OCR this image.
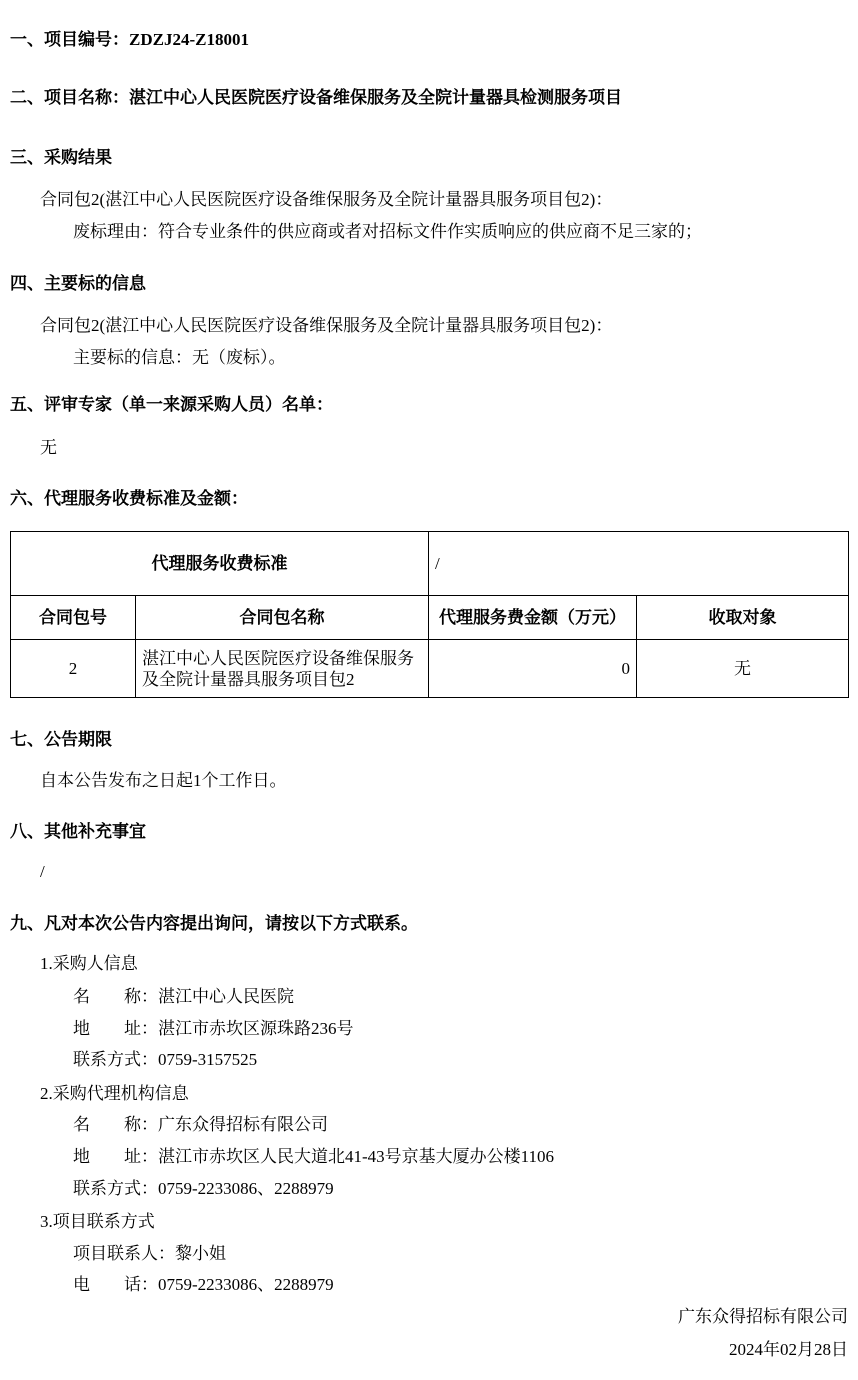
一、项目编号：ZDZJ24-Z18001

二、项目名称：湛江中心人民医院医疗设备维保服务及全院计量器具检测服务项目

三、采购结果

合同包2(湛江中心人民医院医疗设备维保服务及全院计量器具服务项目包2)：

废标理由：符合专业条件的供应商或者对招标文件作实质响应的供应商不足三家的；

四、主要标的信息

合同包2(湛江中心人民医院医疗设备维保服务及全院计量器具服务项目包2)：

主要标的信息：无（废标）。

五、评审专家（单一来源采购人员）名单：

无

六、代理服务收费标准及金额：

代理服务收费标准		/	
合同包号	合同包名称	代理服务费金额（万元）	收取对象
2	湛江中心人民医院医疗设备维保服务及全院计量器具服务项目包2	0	无

七、公告期限

自本公告发布之日起1个工作日。

八、其他补充事宜

/

九、凡对本次公告内容提出询问，请按以下方式联系。

1.采购人信息

名　　称：湛江中心人民医院

地　　址：湛江市赤坎区源珠路236号

联系方式：0759-3157525

2.采购代理机构信息

名　　称：广东众得招标有限公司

地　　址：湛江市赤坎区人民大道北41-43号京基大厦办公楼1106

联系方式：0759-2233086、2288979

3.项目联系方式

项目联系人：黎小姐

电　　话：0759-2233086、2288979

广东众得招标有限公司

2024年02月28日
